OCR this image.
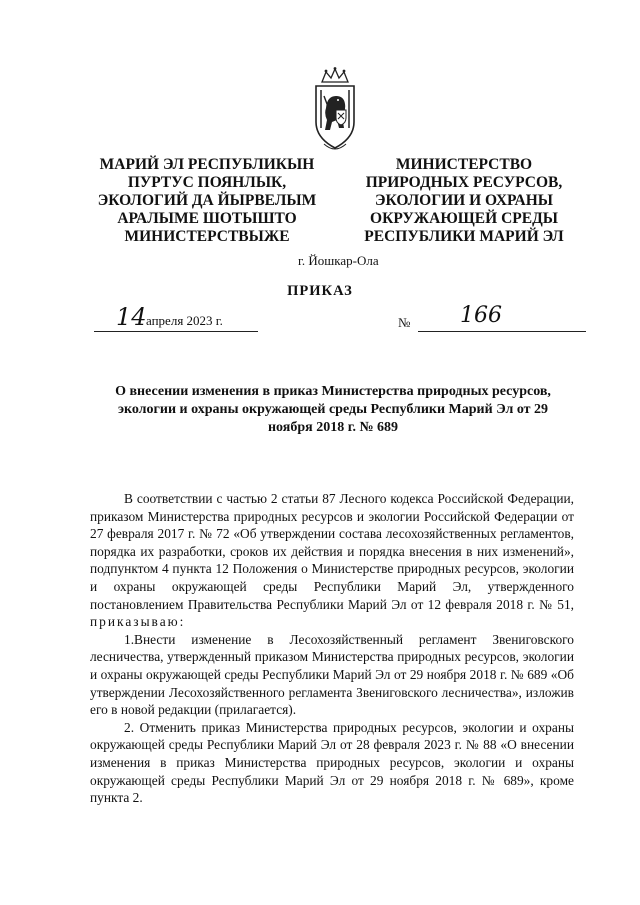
МАРИЙ ЭЛ РЕСПУБЛИКЫН
ПУРТУС ПОЯНЛЫК,
ЭКОЛОГИЙ ДА ЙЫРВЕЛЫМ
АРАЛЫМЕ ШОТЫШТО
МИНИСТЕРСТВЫЖЕ
МИНИСТЕРСТВО
ПРИРОДНЫХ РЕСУРСОВ,
ЭКОЛОГИИ И ОХРАНЫ
ОКРУЖАЮЩЕЙ СРЕДЫ
РЕСПУБЛИКИ МАРИЙ ЭЛ
г. Йошкар-Ола
ПРИКАЗ
14 апреля 2023 г.	№ 166
О внесении изменения в приказ Министерства природных ресурсов, экологии и охраны окружающей среды Республики Марий Эл от 29 ноября 2018 г. № 689

В соответствии с частью 2 статьи 87 Лесного кодекса Российской Федерации, приказом Министерства природных ресурсов и экологии Российской Федерации от 27 февраля 2017 г. № 72 «Об утверждении состава лесохозяйственных регламентов, порядка их разработки, сроков их действия и порядка внесения в них изменений», подпунктом 4 пункта 12 Положения о Министерстве природных ресурсов, экологии и охраны окружающей среды Республики Марий Эл, утвержденного постановлением Правительства Республики Марий Эл от 12 февраля 2018 г. № 51, приказываю:

1.Внести изменение в Лесохозяйственный регламент Звениговского лесничества, утвержденный приказом Министерства природных ресурсов, экологии и охраны окружающей среды Республики Марий Эл от 29 ноября 2018 г. № 689 «Об утверждении Лесохозяйственного регламента Звениговского лесничества», изложив его в новой редакции (прилагается).

2. Отменить приказ Министерства природных ресурсов, экологии и охраны окружающей среды Республики Марий Эл от 28 февраля 2023 г. № 88 «О внесении изменения в приказ Министерства природных ресурсов, экологии и охраны окружающей среды Республики Марий Эл от 29 ноября 2018 г. № 689», кроме пункта 2.
